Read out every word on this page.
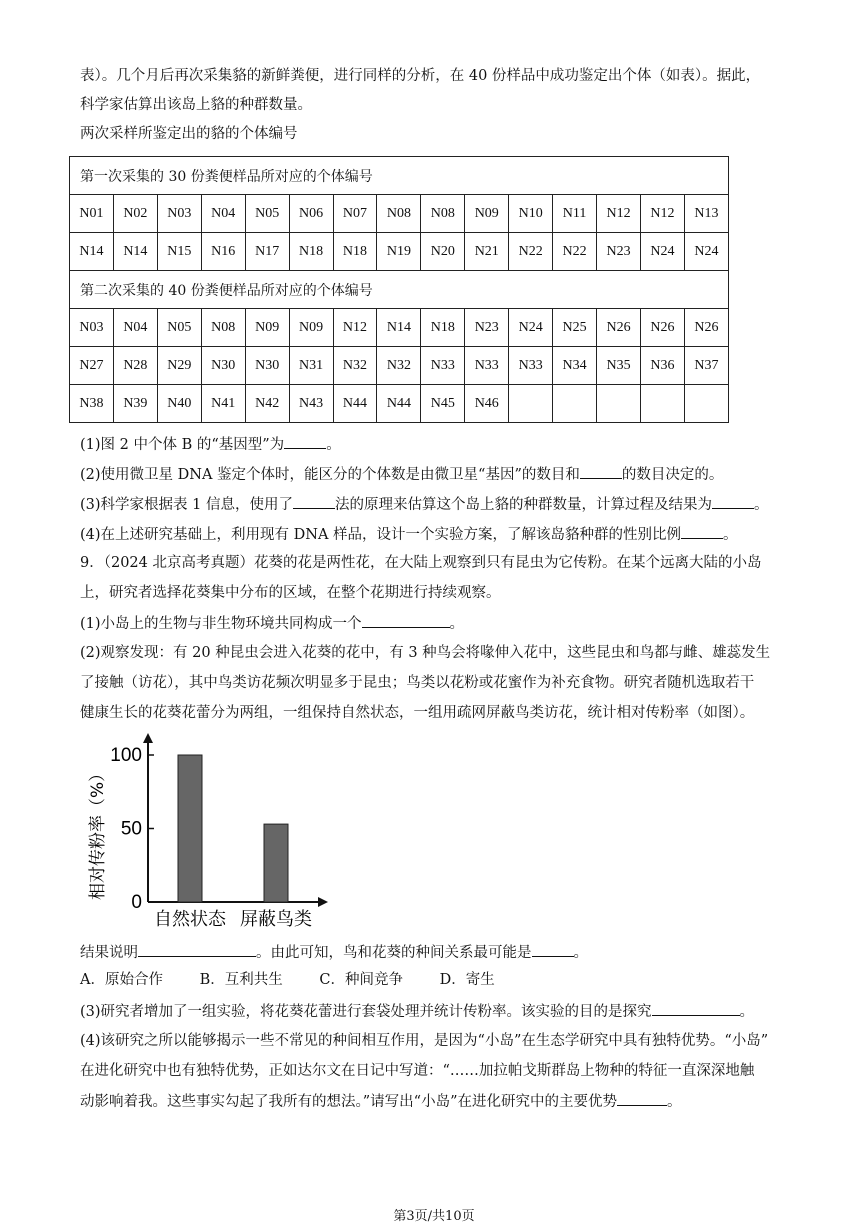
表）。几个月后再次采集貉的新鲜粪便，进行同样的分析，在 40 份样品中成功鉴定出个体（如表）。据此，
科学家估算出该岛上貉的种群数量。
两次采样所鉴定出的貉的个体编号
第一次采集的 30 份粪便样品所对应的个体编号														
N01	N02	N03	N04	N05	N06	N07	N08	N08	N09	N10	N11	N12	N12	N13
N14	N14	N15	N16	N17	N18	N18	N19	N20	N21	N22	N22	N23	N24	N24
第二次采集的 40 份粪便样品所对应的个体编号														
N03	N04	N05	N08	N09	N09	N12	N14	N18	N23	N24	N25	N26	N26	N26
N27	N28	N29	N30	N30	N31	N32	N32	N33	N33	N33	N34	N35	N36	N37
N38	N39	N40	N41	N42	N43	N44	N44	N45	N46					
(1)图 2 中个体 B 的“基因型”为	。
(2)使用微卫星 DNA 鉴定个体时，能区分的个体数是由微卫星“基因”的数目和	的数目决定的。
(3)科学家根据表 1 信息，使用了	法的原理来估算这个岛上貉的种群数量，计算过程及结果为	。
(4)在上述研究基础上，利用现有 DNA 样品，设计一个实验方案，了解该岛貉种群的性别比例	。
9．（2024 北京高考真题）花葵的花是两性花，在大陆上观察到只有昆虫为它传粉。在某个远离大陆的小岛
上，研究者选择花葵集中分布的区域，在整个花期进行持续观察。
(1)小岛上的生物与非生物环境共同构成一个	。
(2)观察发现：有 20 种昆虫会进入花葵的花中，有 3 种鸟会将喙伸入花中，这些昆虫和鸟都与雌、雄蕊发生
了接触（访花），其中鸟类访花频次明显多于昆虫；鸟类以花粉或花蜜作为补充食物。研究者随机选取若干
健康生长的花葵花蕾分为两组，一组保持自然状态，一组用疏网屏蔽鸟类访花，统计相对传粉率（如图）。
0
50
100
相对传粉率（%）
自然状态 屏蔽鸟类
结果说明	。由此可知，鸟和花葵的种间关系最可能是	。
A．原始合作	B．互利共生	C．种间竞争	D．寄生
(3)研究者增加了一组实验，将花葵花蕾进行套袋处理并统计传粉率。该实验的目的是探究	。
(4)该研究之所以能够揭示一些不常见的种间相互作用，是因为“小岛”在生态学研究中具有独特优势。“小岛”
在进化研究中也有独特优势，正如达尔文在日记中写道：“……加拉帕戈斯群岛上物种的特征一直深深地触
动影响着我。这些事实勾起了我所有的想法。”请写出“小岛”在进化研究中的主要优势	。
第3页/共10页
